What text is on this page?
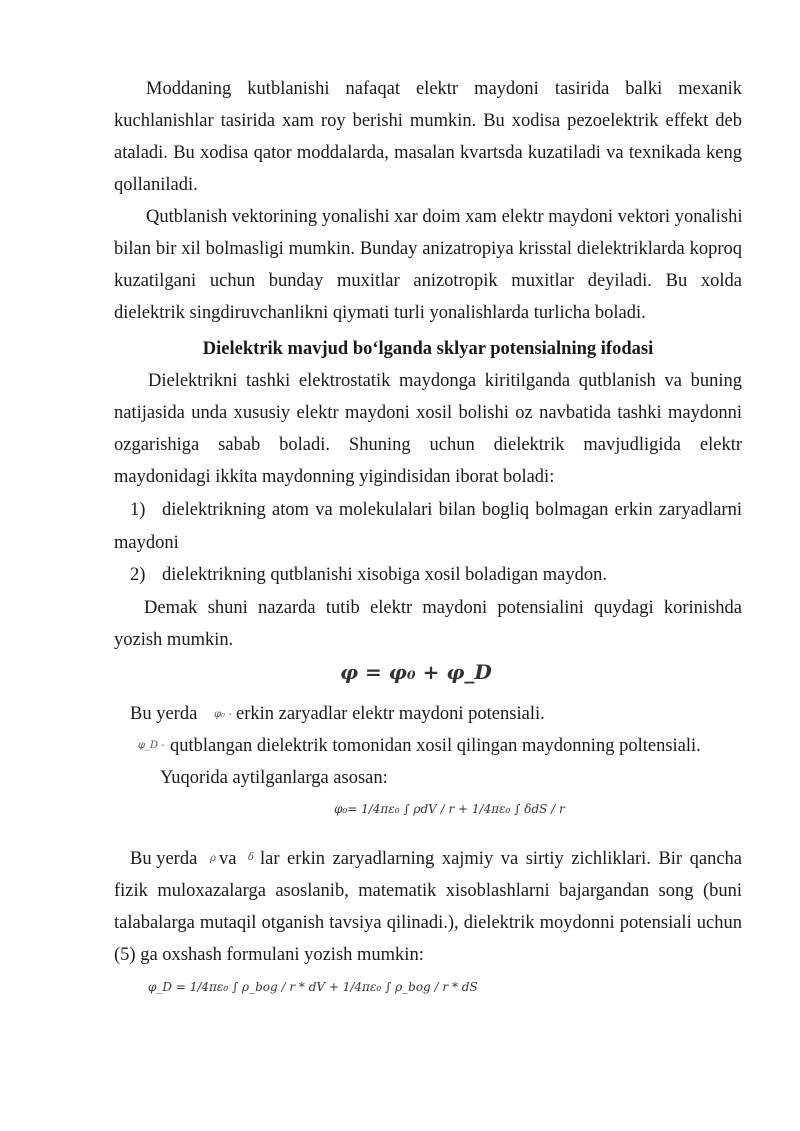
Moddaning kutblanishi nafaqat elektr maydoni tasirida balki mexanik
kuchlanishlar tasirida xam roy berishi mumkin. Bu xodisa pezoelektrik effekt deb
ataladi. Bu xodisa qator moddalarda, masalan kvartsda kuzatiladi va texnikada keng
qollaniladi.
Qutblanish vektorining yonalishi xar doim xam elektr maydoni vektori yonalishi
bilan bir xil bolmasligi mumkin. Bunday anizatropiya krisstal dielektriklarda koproq
kuzatilgani uchun bunday muxitlar anizotropik muxitlar deyiladi. Bu xolda
dielektrik singdiruvchanlikni qiymati turli yonalishlarda turlicha boladi.
Dielektrik mavjud bo‘lganda sklyar potensialning ifodasi
Dielektrikni tashki elektrostatik maydonga kiritilganda qutblanish va buning
natijasida unda xususiy elektr maydoni xosil bolishi oz navbatida tashki maydonni
ozgarishiga sabab boladi. Shuning uchun dielektrik mavjudligida elektr
maydonidagi ikkita maydonning yigindisidan iborat boladi:
1) dielektrikning atom va molekulalari bilan bogliq bolmagan erkin zaryadlarni
maydoni
2) dielektrikning qutblanishi xisobiga xosil boladigan maydon.
Demak shuni nazarda tutib elektr maydoni potensialini quydagi korinishda
yozish mumkin.
φ = φ₀ + φ_D
Bu yerda	φ₀ - erkin zaryadlar elektr maydoni potensiali.
φ_D - qutblangan dielektrik tomonidan xosil qilingan maydonning poltensiali.
Yuqorida aytilganlarga asosan:
φ₀= 1/4πε₀ ∫ ρdV / r + 1/4πε₀ ∫ δdS / r
Bu yerda	ρ va	δ lar erkin zaryadlarning xajmiy va sirtiy zichliklari. Bir qancha
fizik muloxazalarga asoslanib, matematik xisoblashlarni bajargandan song (buni
talabalarga mutaqil otganish tavsiya qilinadi.), dielektrik moydonni potensiali uchun
(5) ga oxshash formulani yozish mumkin:
φ_D = 1/4πε₀ ∫ ρ_bog / r * dV + 1/4πε₀ ∫ ρ_bog / r * dS
